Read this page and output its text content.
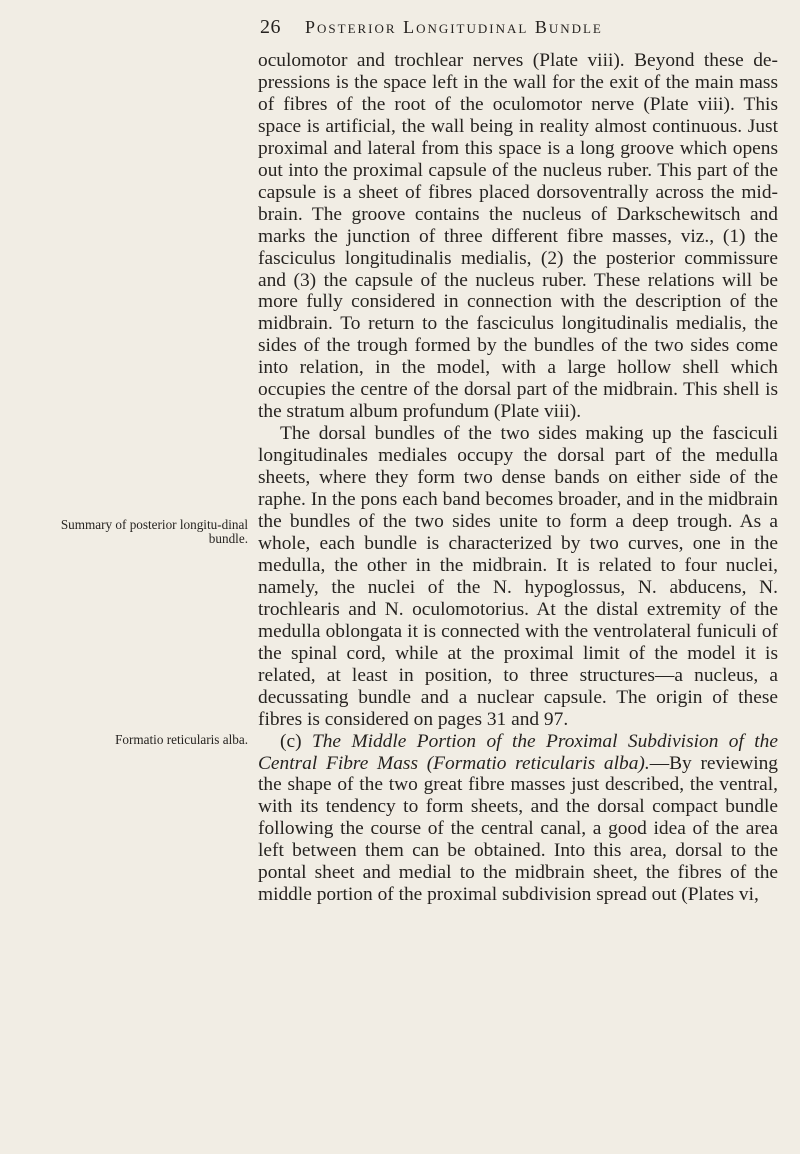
26 Posterior Longitudinal Bundle
Summary of posterior longitu-dinal bundle.
Formatio reticularis alba.

oculomotor and trochlear nerves (Plate viii). Beyond these depressions is the space left in the wall for the exit of the main mass of fibres of the root of the oculomotor nerve (Plate viii). This space is artificial, the wall being in reality almost continuous. Just proximal and lateral from this space is a long groove which opens out into the proximal capsule of the nucleus ruber. This part of the capsule is a sheet of fibres placed dorsoventrally across the midbrain. The groove contains the nucleus of Darkschewitsch and marks the junction of three different fibre masses, viz., (1) the fasciculus longitudinalis medialis, (2) the posterior commissure and (3) the capsule of the nucleus ruber. These relations will be more fully considered in connection with the description of the midbrain. To return to the fasciculus longitudinalis medialis, the sides of the trough formed by the bundles of the two sides come into relation, in the model, with a large hollow shell which occupies the centre of the dorsal part of the midbrain. This shell is the stratum album profundum (Plate viii).

The dorsal bundles of the two sides making up the fasciculi longitudinales mediales occupy the dorsal part of the medulla sheets, where they form two dense bands on either side of the raphe. In the pons each band becomes broader, and in the midbrain the bundles of the two sides unite to form a deep trough. As a whole, each bundle is characterized by two curves, one in the medulla, the other in the midbrain. It is related to four nuclei, namely, the nuclei of the N. hypoglossus, N. abducens, N. trochlearis and N. oculomotorius. At the distal extremity of the medulla oblongata it is connected with the ventrolateral funiculi of the spinal cord, while at the proximal limit of the model it is related, at least in position, to three structures—a nucleus, a decussating bundle and a nuclear capsule. The origin of these fibres is considered on pages 31 and 97.

(c) The Middle Portion of the Proximal Subdivision of the Central Fibre Mass (Formatio reticularis alba).—By reviewing the shape of the two great fibre masses just described, the ventral, with its tendency to form sheets, and the dorsal compact bundle following the course of the central canal, a good idea of the area left between them can be obtained. Into this area, dorsal to the pontal sheet and medial to the midbrain sheet, the fibres of the middle portion of the proximal subdivision spread out (Plates vi,
